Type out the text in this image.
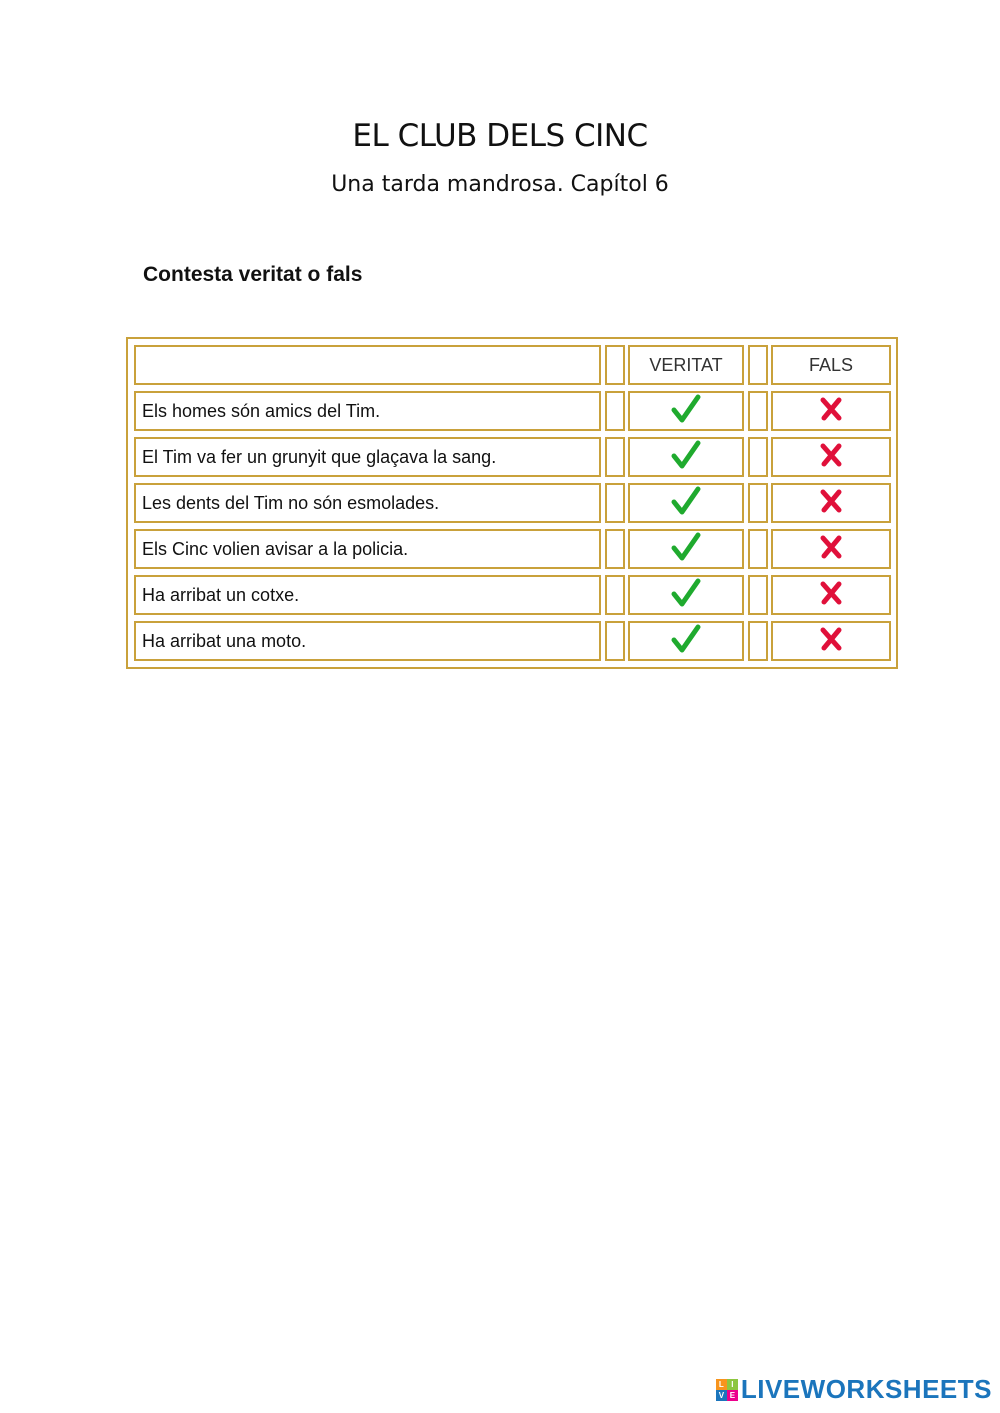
EL CLUB DELS CINC
Una tarda mandrosa. Capítol 6
Contesta veritat o fals
VERITAT	FALS
Els homes són amics del Tim.
El Tim va fer un grunyit que glaçava la sang.
Les dents del Tim no són esmolades.
Els Cinc volien avisar a la policia.
Ha arribat un cotxe.
Ha arribat una moto.
L I
V E LIVEWORKSHEETS
